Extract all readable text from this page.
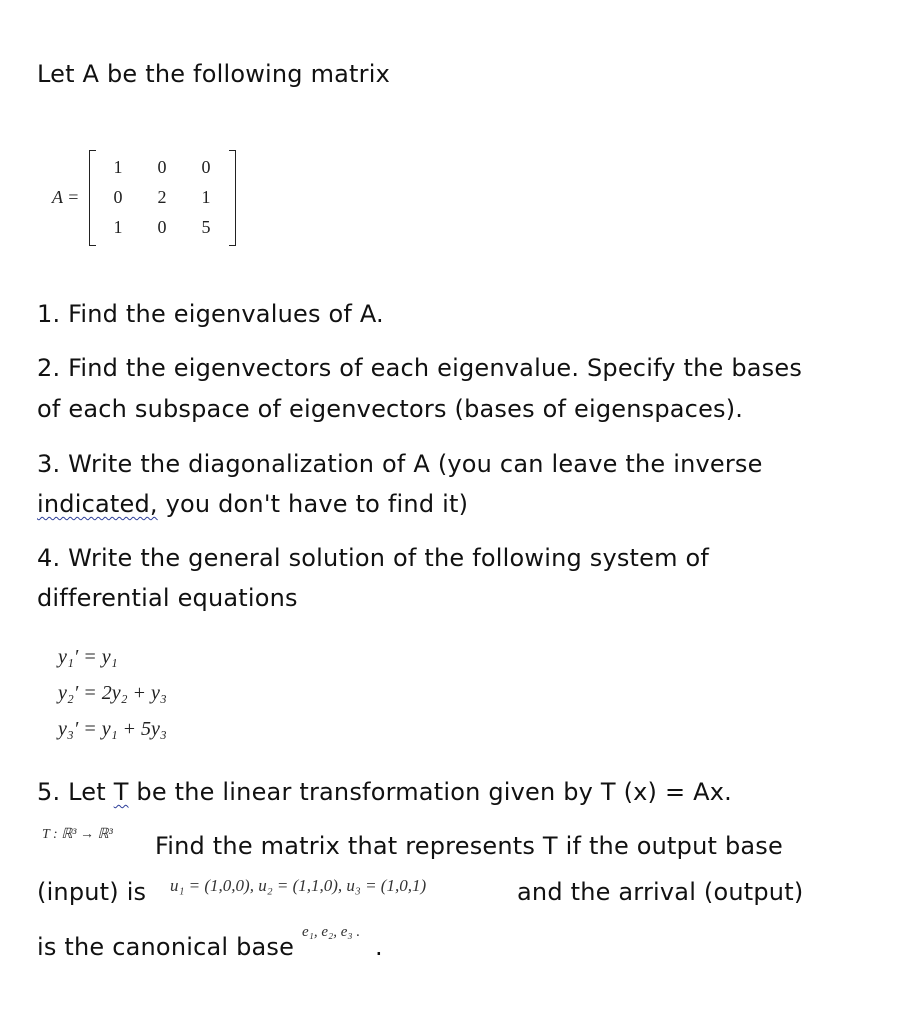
Let A be the following matrix
A =
1	0	0
0	2	1
1	0	5
1. Find the eigenvalues of A.
2. Find the eigenvectors of each eigenvalue. Specify the bases
of each subspace of eigenvectors (bases of eigenspaces).
3. Write the diagonalization of A (you can leave the inverse
indicated, you don't have to find it)
4. Write the general solution of the following system of
differential equations
y₁′ = y₁
y₂′ = 2y₂ + y₃
y₃′ = y₁ + 5y₃
5. Let T be the linear transformation given by T (x) = Ax.
T : ℝ³ → ℝ³ Find the matrix that represents T if the output base
(input) is u₁ = (1,0,0), u₂ = (1,1,0), u₃ = (1,0,1)	and the arrival (output)
is the canonical base
e₁, e₂, e₃ .
.
